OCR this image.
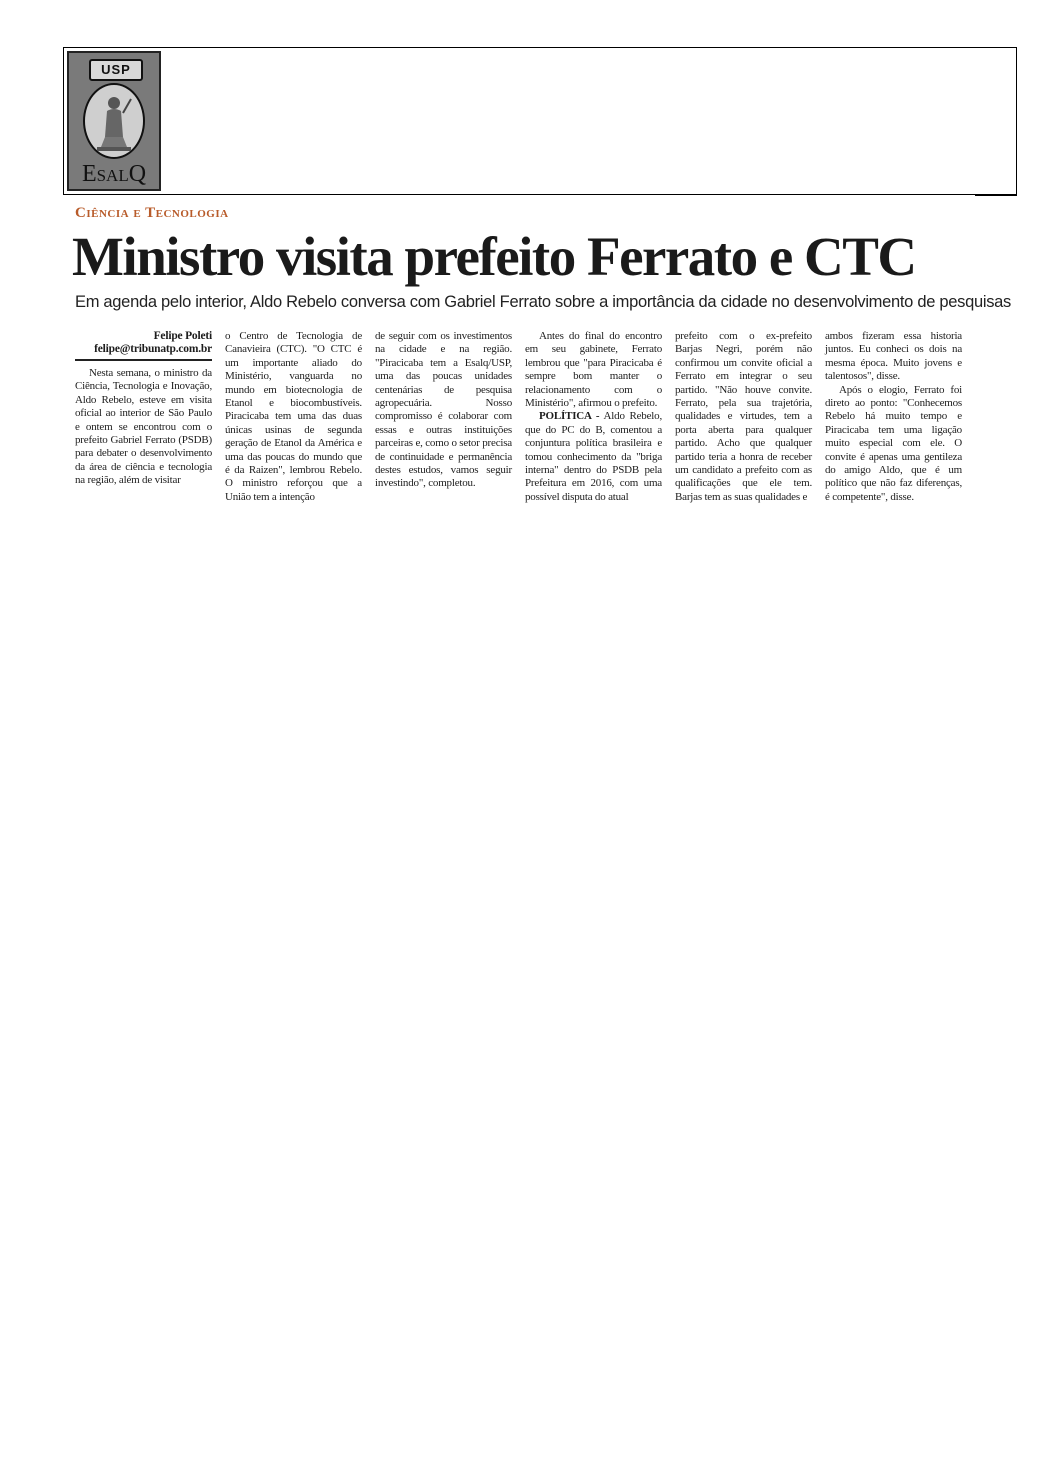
USP
EsalQ
Ciência e Tecnologia
Ministro visita prefeito Ferrato e CTC
Em agenda pelo interior, Aldo Rebelo conversa com Gabriel Ferrato sobre a importância da cidade no desenvolvimento de pesquisas
Felipe Poleti
felipe@tribunatp.com.br

Nesta semana, o ministro da Ciência, Tecnologia e Inovação, Aldo Rebelo, esteve em visita oficial ao interior de São Paulo e ontem se encontrou com o prefeito Gabriel Ferrato (PSDB) para debater o desenvolvimento da área de ciência e tecnologia na região, além de visitar

o Centro de Tecnologia de Canavieira (CTC). "O CTC é um importante aliado do Ministério, vanguarda no mundo em biotecnologia de Etanol e biocombustíveis. Piracicaba tem uma das duas únicas usinas de segunda geração de Etanol da América e uma das poucas do mundo que é da Raizen", lembrou Rebelo. O ministro reforçou que a União tem a intenção

de seguir com os investimentos na cidade e na região. "Piracicaba tem a Esalq/USP, uma das poucas unidades centenárias de pesquisa agropecuária. Nosso compromisso é colaborar com essas e outras instituições parceiras e, como o setor precisa de continuidade e permanência destes estudos, vamos seguir investindo", completou.

Antes do final do encontro em seu gabinete, Ferrato lembrou que "para Piracicaba é sempre bom manter o relacionamento com o Ministério", afirmou o prefeito.

POLÍTICA - Aldo Rebelo, que do PC do B, comentou a conjuntura política brasileira e tomou conhecimento da "briga interna" dentro do PSDB pela Prefeitura em 2016, com uma possível disputa do atual

prefeito com o ex-prefeito Barjas Negri, porém não confirmou um convite oficial a Ferrato em integrar o seu partido. "Não houve convite. Ferrato, pela sua trajetória, qualidades e virtudes, tem a porta aberta para qualquer partido. Acho que qualquer partido teria a honra de receber um candidato a prefeito com as qualificações que ele tem. Barjas tem as suas qualidades e

ambos fizeram essa historia juntos. Eu conheci os dois na mesma época. Muito jovens e talentosos", disse.

Após o elogio, Ferrato foi direto ao ponto: "Conhecemos Rebelo há muito tempo e Piracicaba tem uma ligação muito especial com ele. O convite é apenas uma gentileza do amigo Aldo, que é um político que não faz diferenças, é competente", disse.
